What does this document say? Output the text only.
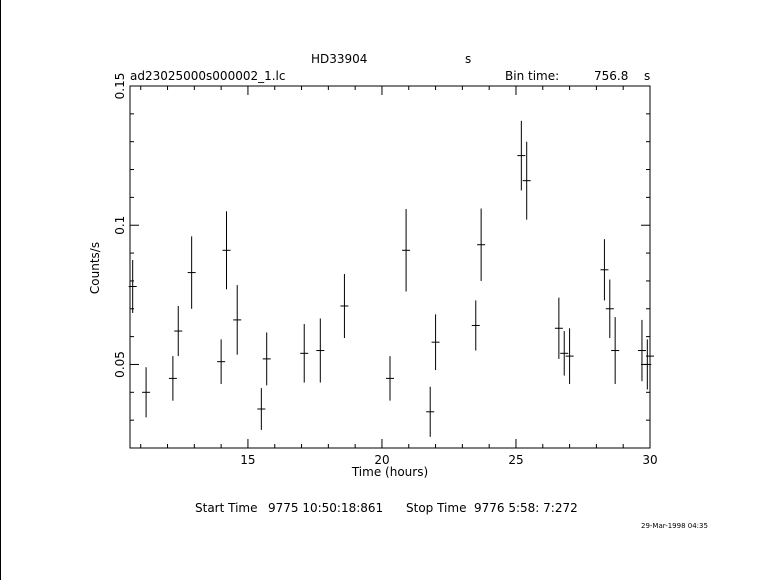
HD33904	s
ad23025000s000002_1.lc	Bin time:	756.8 s
15	20	25	30
0.05
0.1
0.15
Time (hours)
Counts/s
Start Time 9775 10:50:18:861 Stop Time 9776 5:58: 7:272
29-Mar-1998 04:35
